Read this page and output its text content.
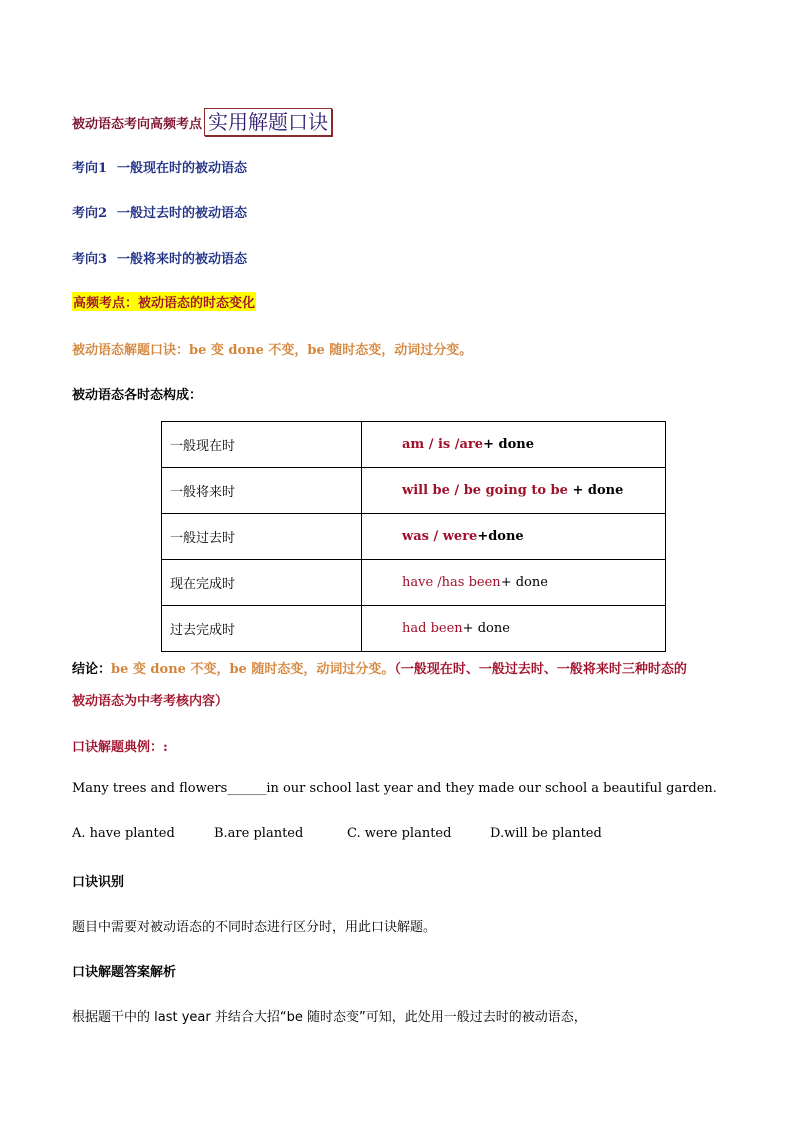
被动语态考向高频考点 实用解题口诀
考向1 一般现在时的被动语态
考向2 一般过去时的被动语态
考向3 一般将来时的被动语态
高频考点：被动语态的时态变化
被动语态解题口诀：be 变 done 不变，be 随时态变，动词过分变。
被动语态各时态构成：
一般现在时	am / is /are+ done
一般将来时	will be / be going to be + done
一般过去时	was / were+done
现在完成时	have /has been+ done
过去完成时	had been+ done
结论：be 变 done 不变，be 随时态变，动词过分变。（一般现在时、一般过去时、一般将来时三种时态的
被动语态为中考考核内容）
口诀解题典例：:
Many trees and flowers______in our school last year and they made our school a beautiful garden.
A. have planted	B.are planted	C. were planted	D.will be planted
口诀识别
题目中需要对被动语态的不同时态进行区分时，用此口诀解题。
口诀解题答案解析
根据题干中的 last year 并结合大招“be 随时态变”可知，此处用一般过去时的被动语态，
